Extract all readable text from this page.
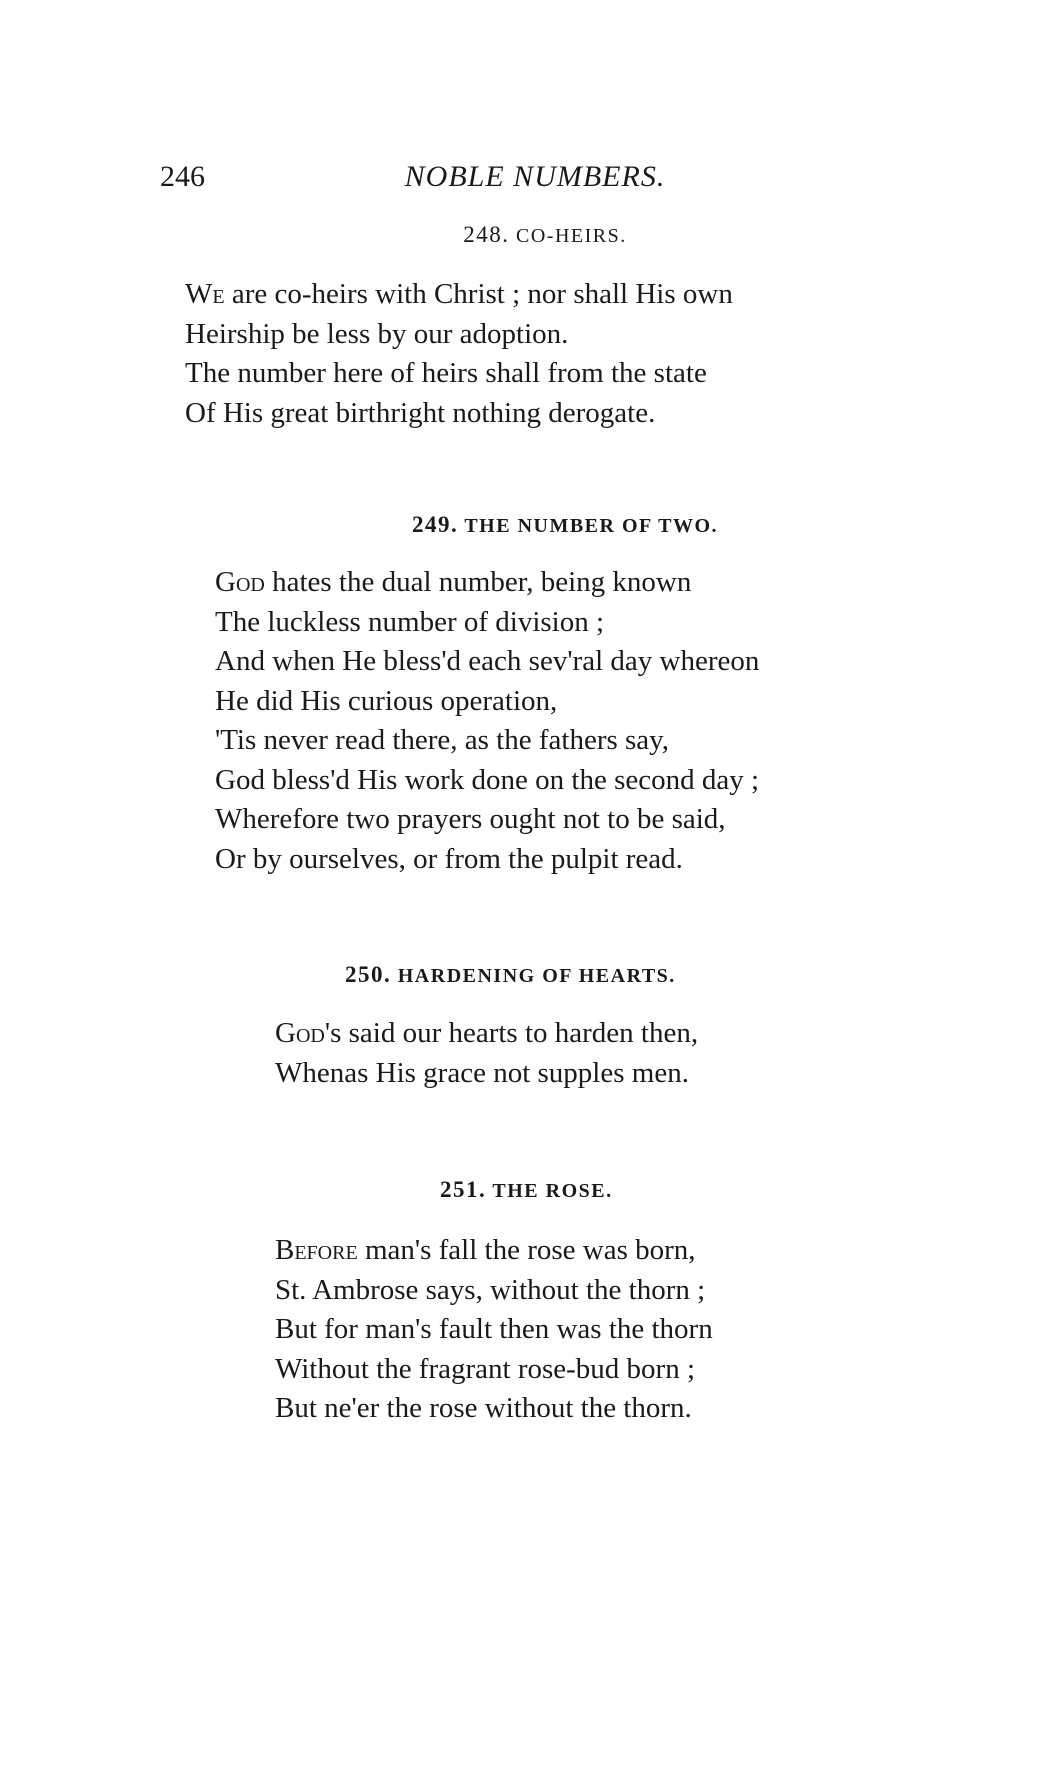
246	NOBLE NUMBERS.
248. CO-HEIRS.
We are co-heirs with Christ ; nor shall His own
Heirship be less by our adoption.
The number here of heirs shall from the state
Of His great birthright nothing derogate.
249. THE NUMBER OF TWO.
God hates the dual number, being known
The luckless number of division ;
And when He bless'd each sev'ral day whereon
He did His curious operation,
'Tis never read there, as the fathers say,
God bless'd His work done on the second day ;
Wherefore two prayers ought not to be said,
Or by ourselves, or from the pulpit read.
250. HARDENING OF HEARTS.
God's said our hearts to harden then,
Whenas His grace not supples men.
251. THE ROSE.
Before man's fall the rose was born,
St. Ambrose says, without the thorn ;
But for man's fault then was the thorn
Without the fragrant rose-bud born ;
But ne'er the rose without the thorn.
